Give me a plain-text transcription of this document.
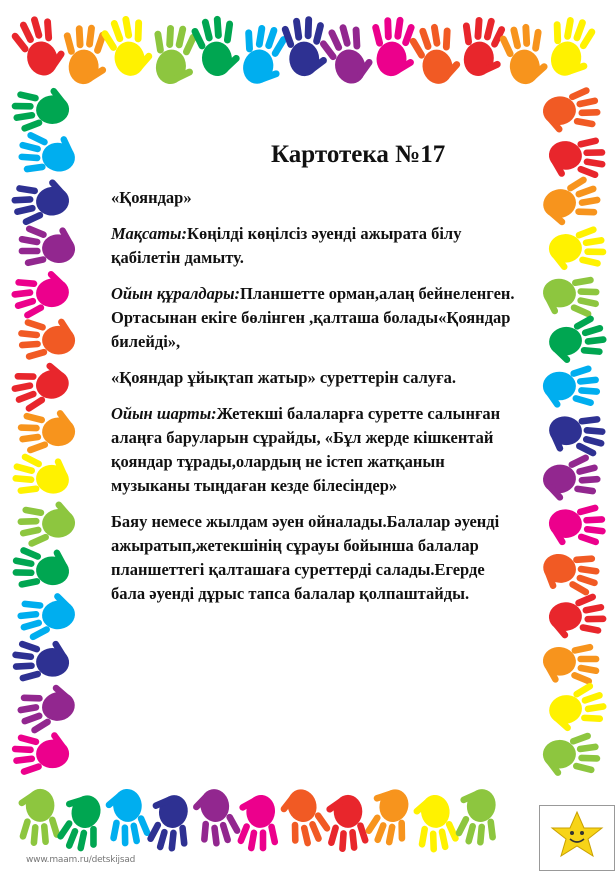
Картотека №17

«Қояндар»

Мақсаты:Көңілді көңілсіз әуенді ажырата білу қабілетін дамыту.

Ойын құралдары:Планшетте орман,алаң бейнеленген. Ортасынан екіге бөлінген ,қалташа болады«Қояндар билейді»,

«Қояндар ұйықтап жатыр» суреттерін салуға.

Ойын шарты:Жетекші балаларға суретте салынған алаңға баруларын сұрайды, «Бұл жерде кішкентай қояндар тұрады,олардың не істеп жатқанын музыканы тыңдаған кезде білесіндер»

Баяу немесе жылдам әуен ойналады.Балалар әуенді ажыратып,жетекшінің сұрауы бойынша балалар планшеттегі қалташаға суреттерді салады.Егерде бала әуенді дұрыс тапса балалар қолпаштайды.

www.maam.ru/detskijsad
